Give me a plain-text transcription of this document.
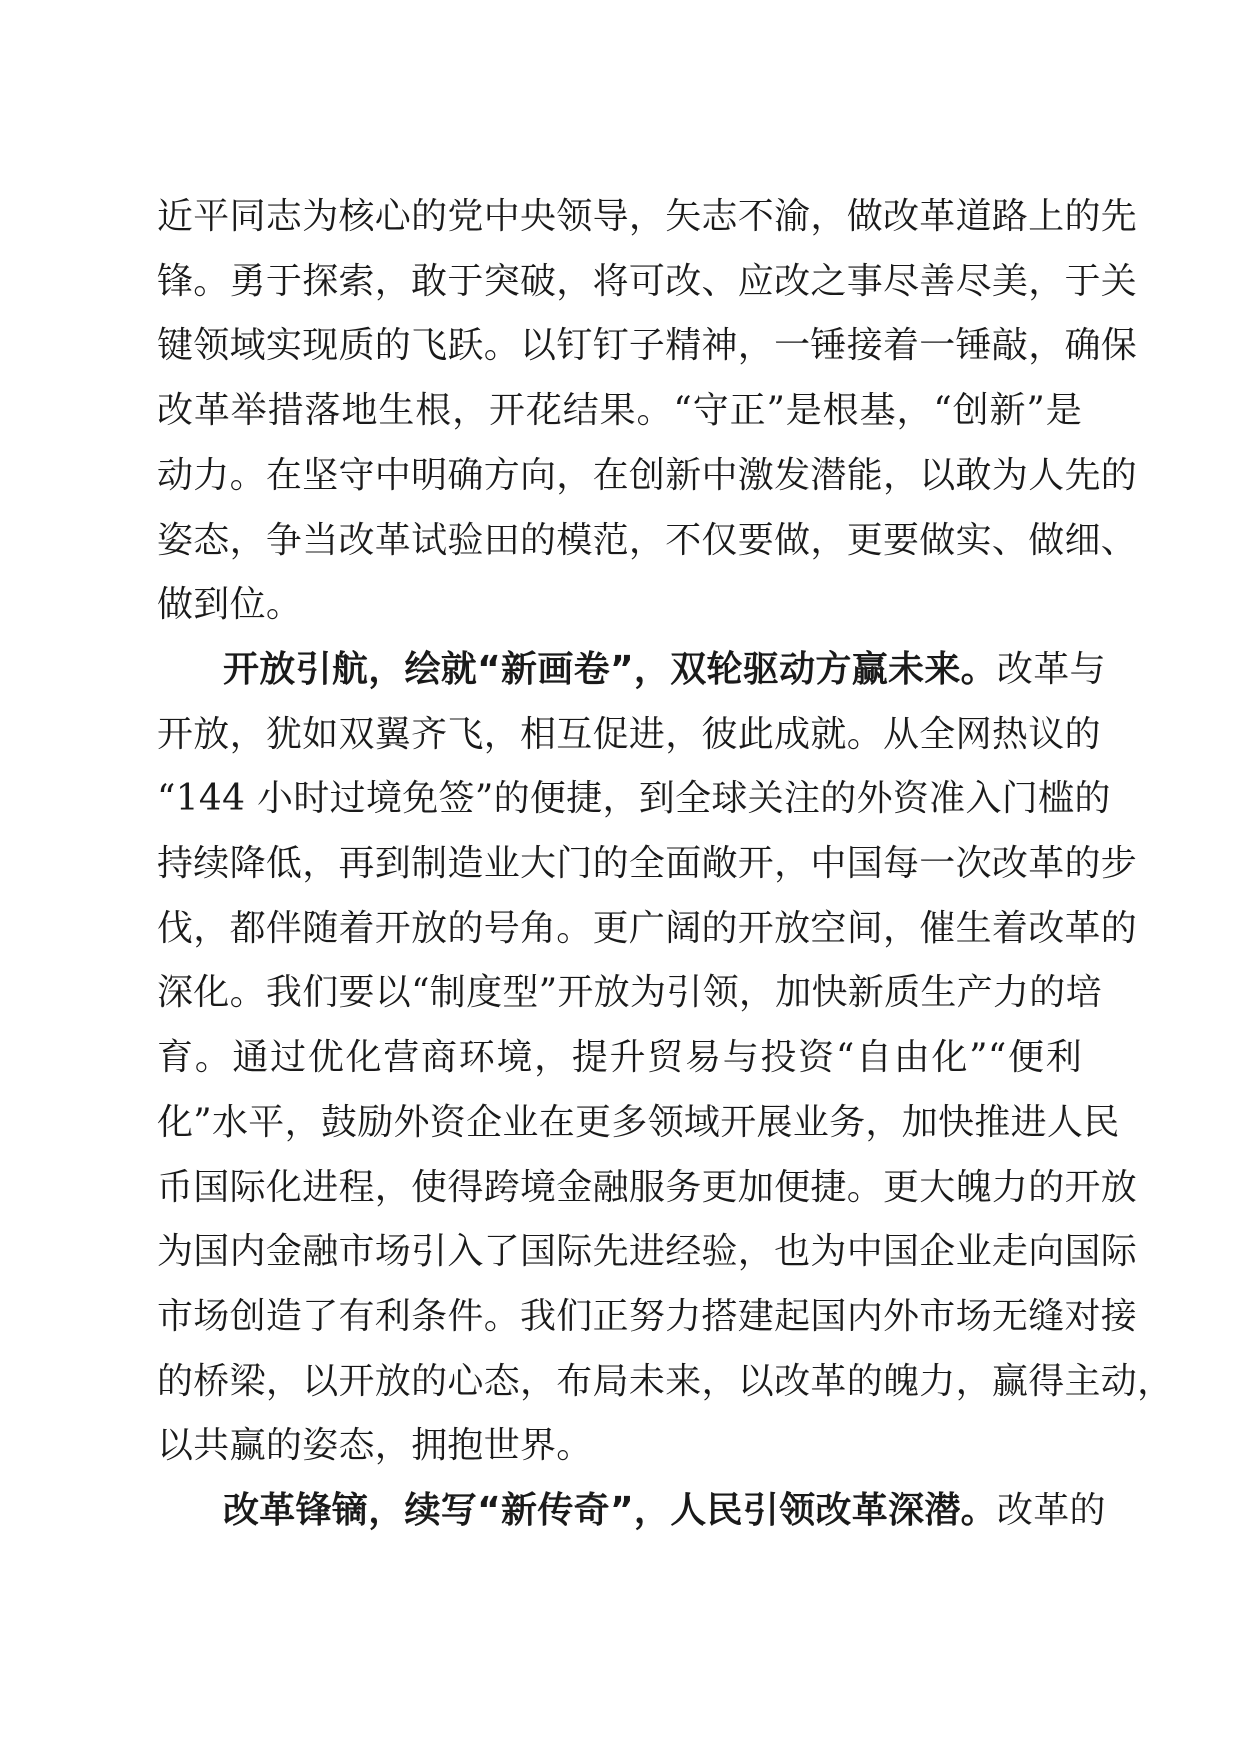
近平同志为核心的党中央领导，矢志不渝，做改革道路上的先
锋。勇于探索，敢于突破，将可改、应改之事尽善尽美，于关
键领域实现质的飞跃。以钉钉子精神，一锤接着一锤敲，确保
改革举措落地生根，开花结果。“守正”是根基，“创新”是
动力。在坚守中明确方向，在创新中激发潜能，以敢为人先的
姿态，争当改革试验田的模范，不仅要做，更要做实、做细、
做到位。
开放引航，绘就“新画卷”，双轮驱动方赢未来。改革与
开放，犹如双翼齐飞，相互促进，彼此成就。从全网热议的
“144 小时过境免签”的便捷，到全球关注的外资准入门槛的
持续降低，再到制造业大门的全面敞开，中国每一次改革的步
伐，都伴随着开放的号角。更广阔的开放空间，催生着改革的
深化。我们要以“制度型”开放为引领，加快新质生产力的培
育。通过优化营商环境，提升贸易与投资“自由化”“便利
化”水平，鼓励外资企业在更多领域开展业务，加快推进人民
币国际化进程，使得跨境金融服务更加便捷。更大魄力的开放
为国内金融市场引入了国际先进经验，也为中国企业走向国际
市场创造了有利条件。我们正努力搭建起国内外市场无缝对接
的桥梁，以开放的心态，布局未来，以改革的魄力，赢得主动，
以共赢的姿态，拥抱世界。
改革锋镝，续写“新传奇”，人民引领改革深潜。改革的
